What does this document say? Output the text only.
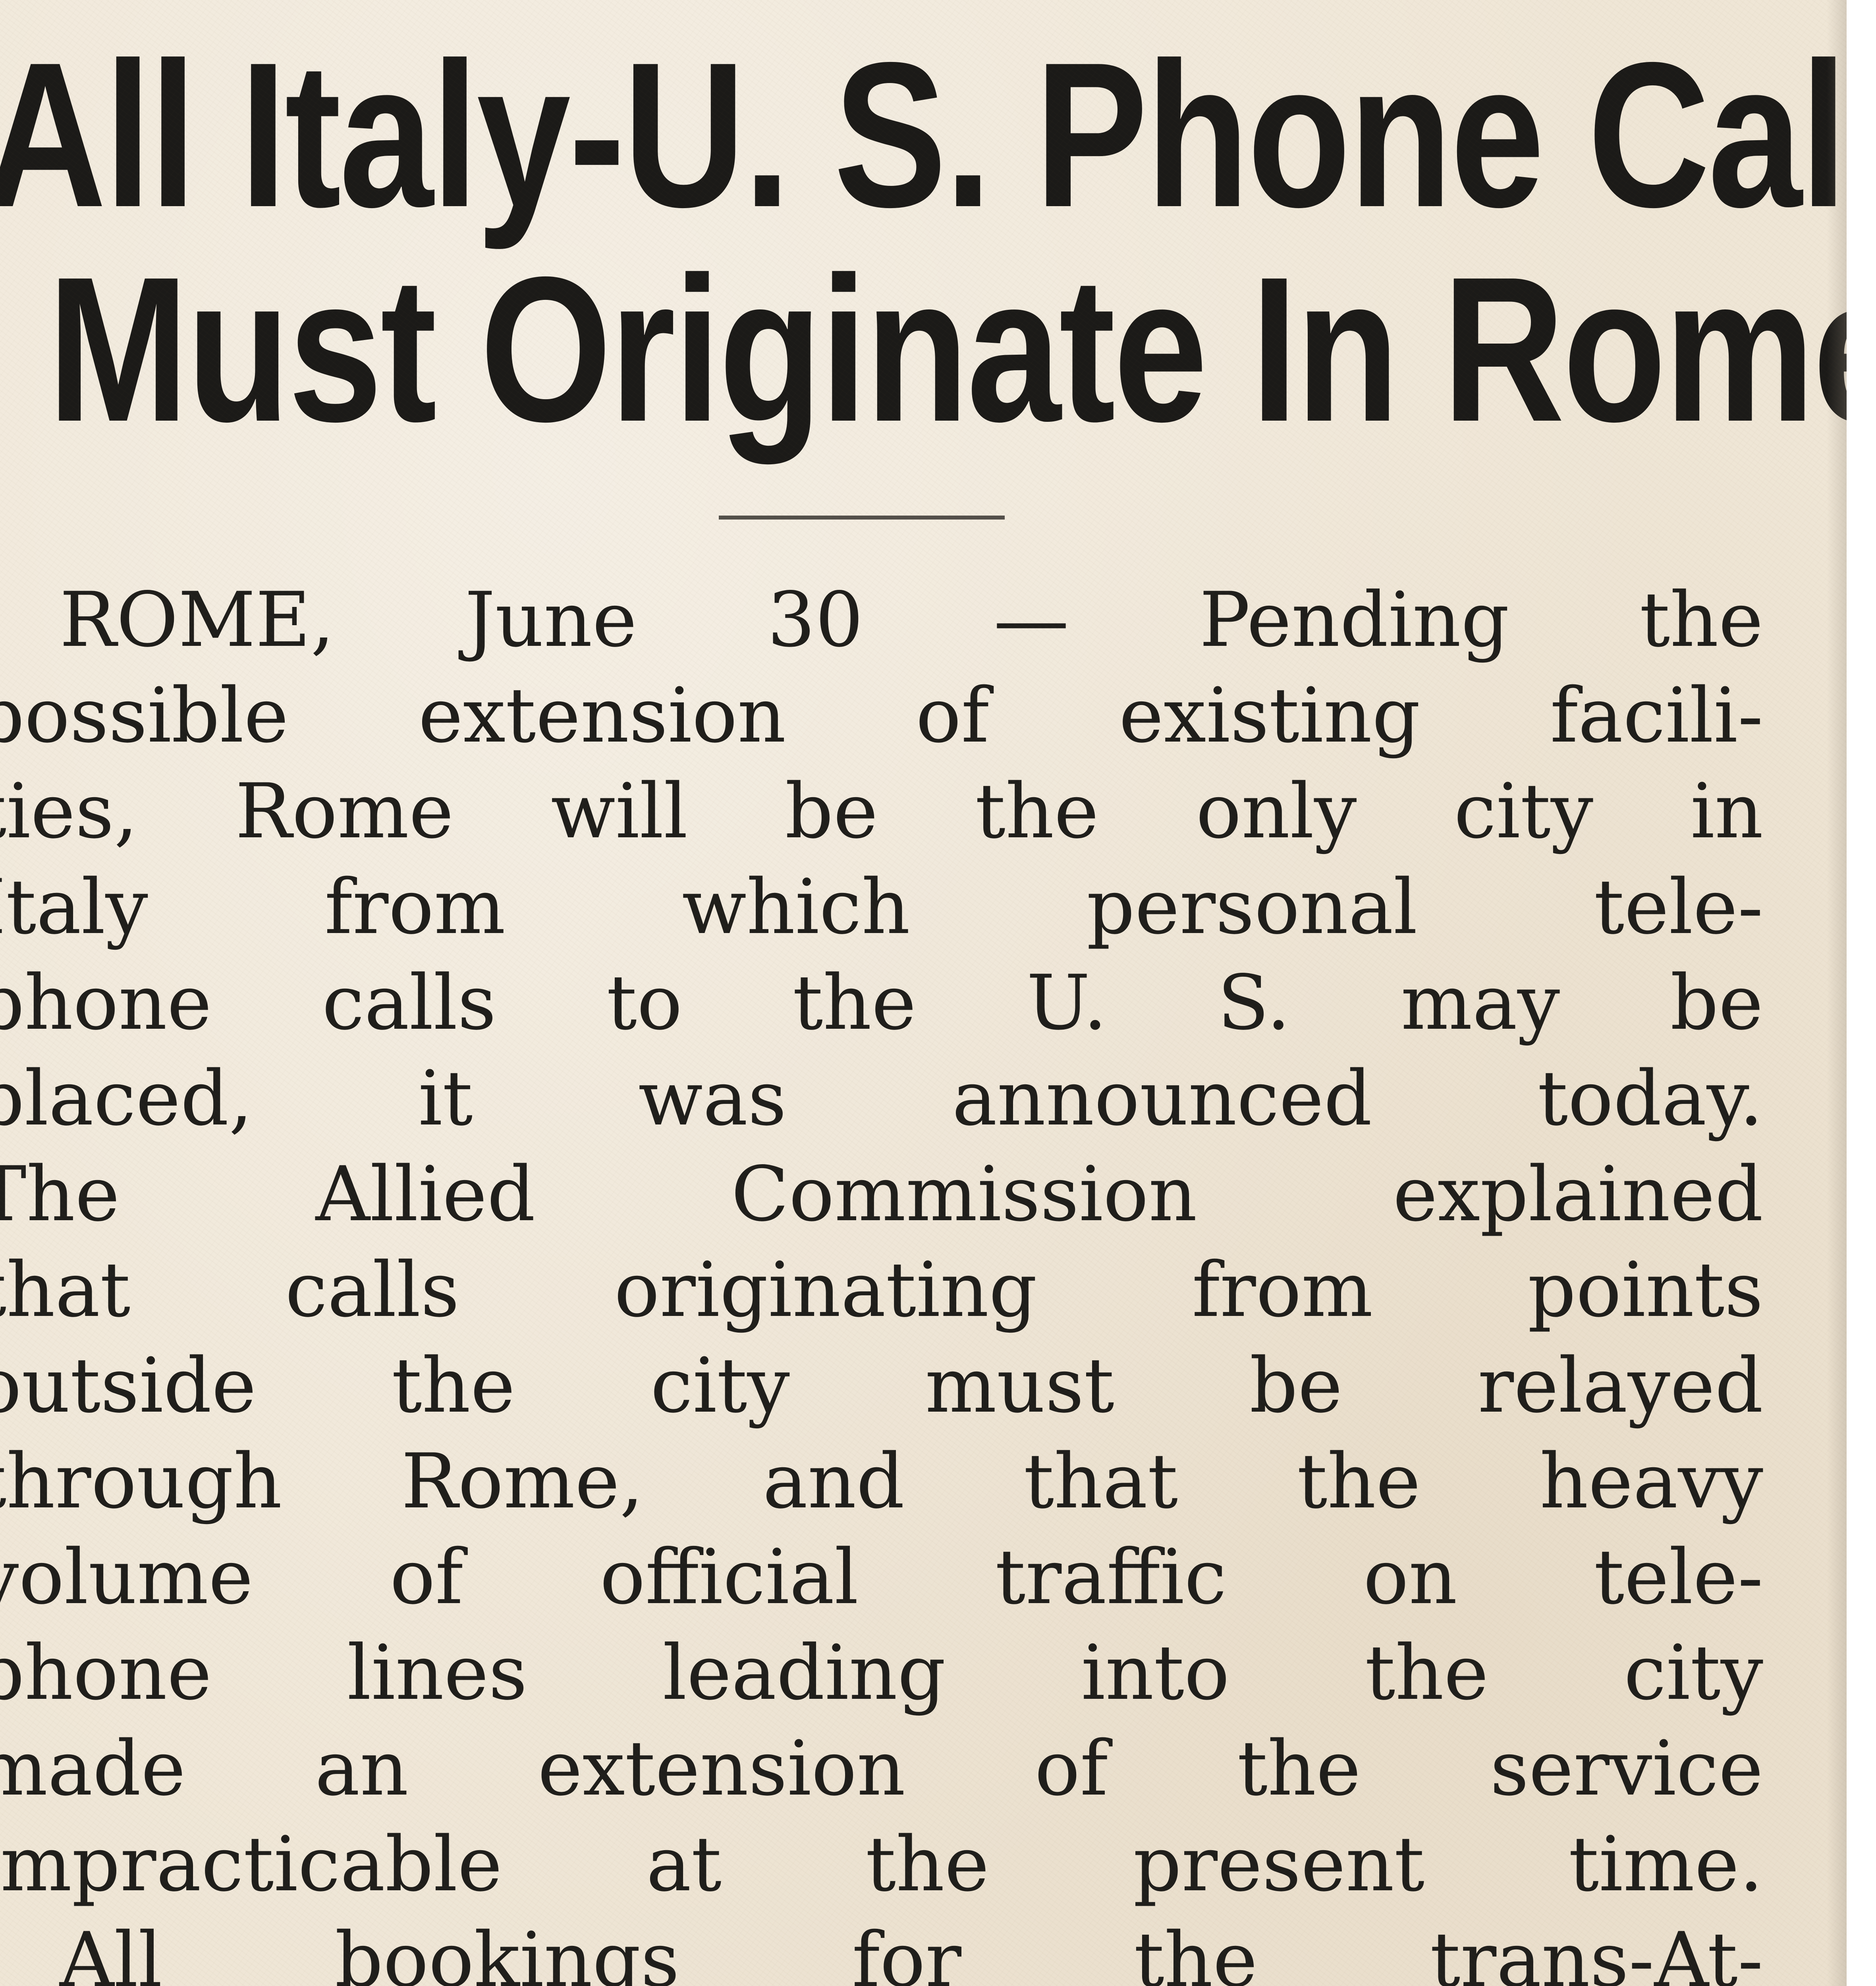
All Italy-U. S. Phone Calls
Must Originate In Rome
ROME, June 30 — Pending the
possible extension of existing facili-
ties, Rome will be the only city in
Italy from which personal tele-
phone calls to the U. S. may be
placed, it was announced today.
The Allied Commission explained
that calls originating from points
outside the city must be relayed
through Rome, and that the heavy
volume of official traffic on tele-
phone lines leading into the city
made an extension of the service
impracticable at the present time.
All bookings for the trans-At-
